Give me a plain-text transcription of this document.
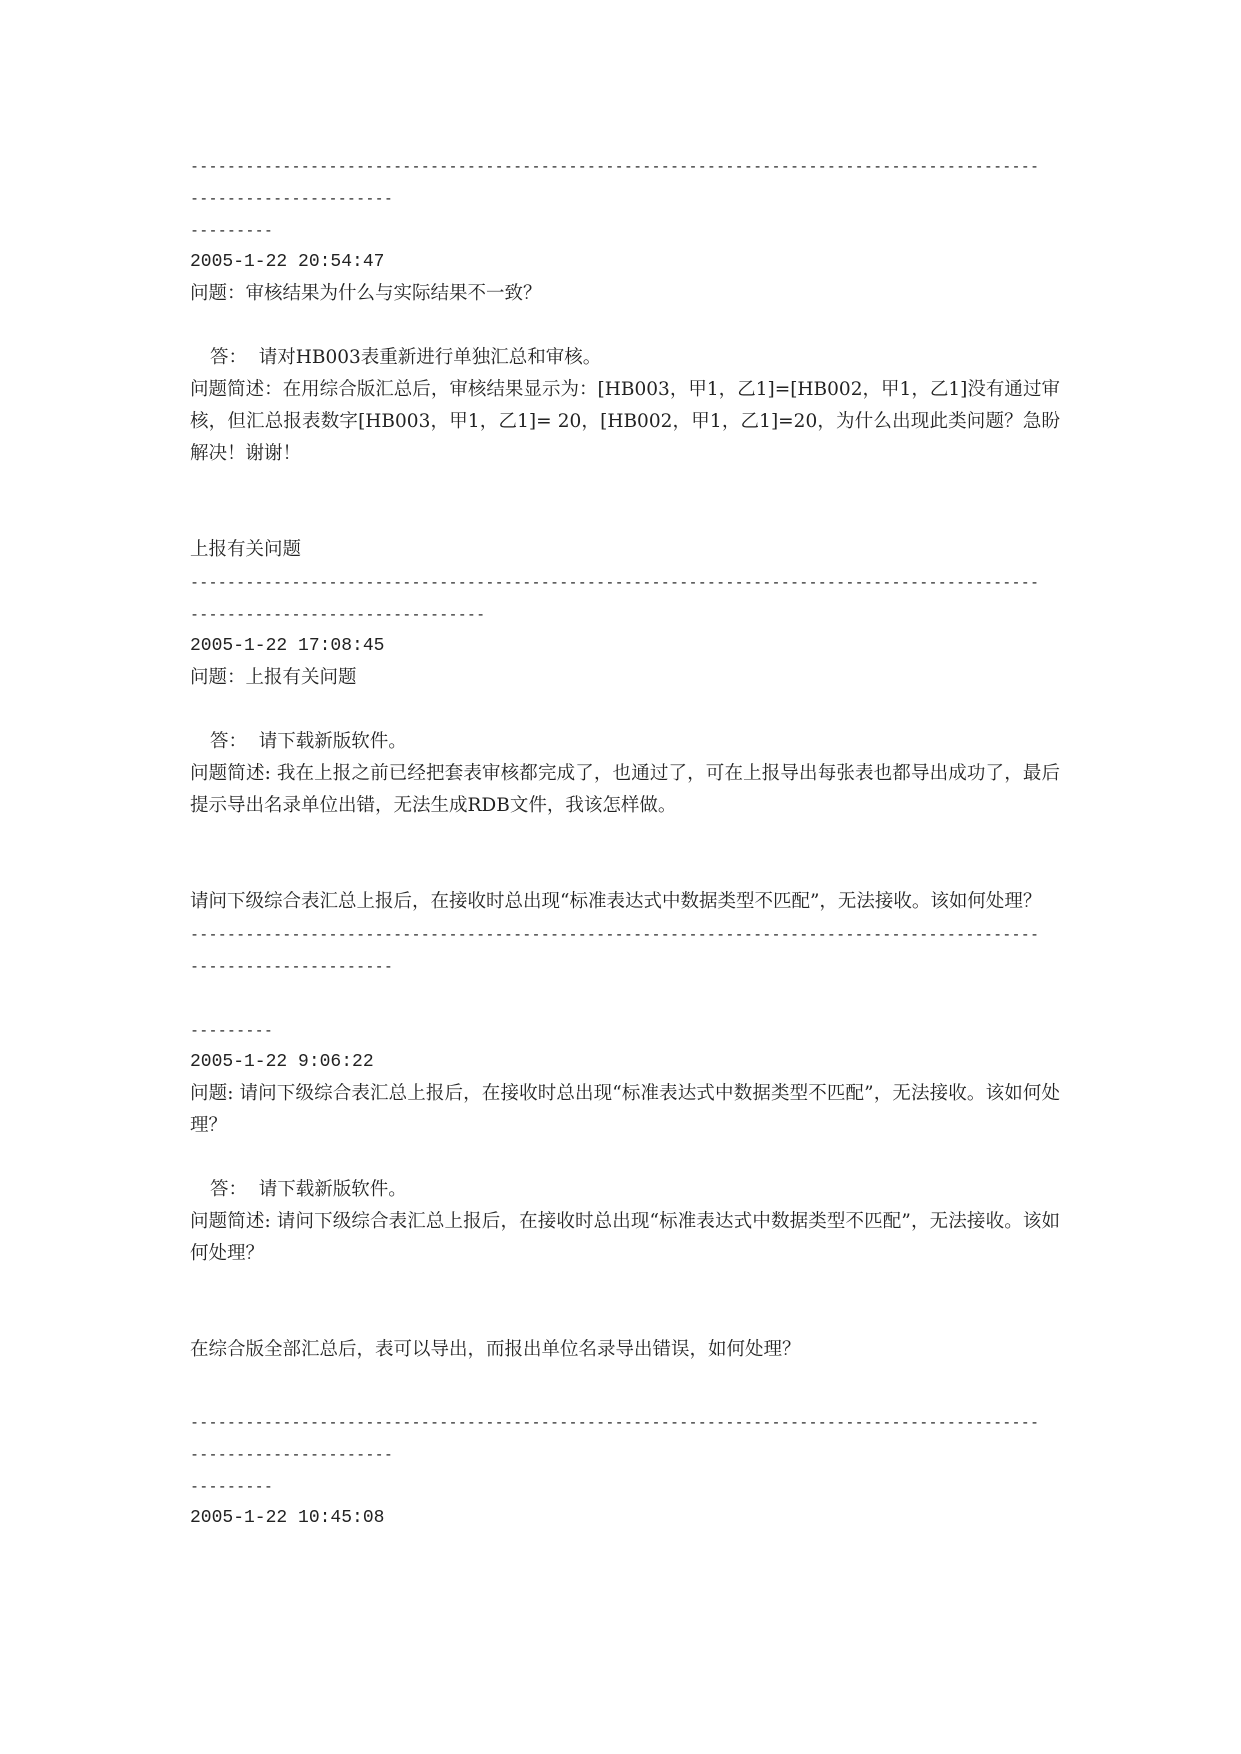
--------------------------------------------------------------------------------------------
----------------------
---------
2005-1-22 20:54:47
问题：审核结果为什么与实际结果不一致？
答：  请对HB003表重新进行单独汇总和审核。
问题简述：在用综合版汇总后，审核结果显示为：[HB003，甲1，乙1]=[HB002，甲1，乙1]没有通过审核，但汇总报表数字[HB003，甲1，乙1]= 20，[HB002，甲1，乙1]=20，为什么出现此类问题？急盼解决！谢谢！
上报有关问题
--------------------------------------------------------------------------------------------
--------------------------------
2005-1-22 17:08:45
问题：上报有关问题
答：  请下载新版软件。
问题简述: 我在上报之前已经把套表审核都完成了，也通过了，可在上报导出每张表也都导出成功了，最后提示导出名录单位出错，无法生成RDB文件，我该怎样做。
请问下级综合表汇总上报后，在接收时总出现“标准表达式中数据类型不匹配”，无法接收。该如何处理？
--------------------------------------------------------------------------------------------
----------------------
---------
2005-1-22 9:06:22
问题: 请问下级综合表汇总上报后，在接收时总出现“标准表达式中数据类型不匹配”，无法接收。该如何处理？
答：  请下载新版软件。
问题简述: 请问下级综合表汇总上报后，在接收时总出现“标准表达式中数据类型不匹配”，无法接收。该如何处理？
在综合版全部汇总后，表可以导出，而报出单位名录导出错误，如何处理？
--------------------------------------------------------------------------------------------
----------------------
---------
2005-1-22 10:45:08
